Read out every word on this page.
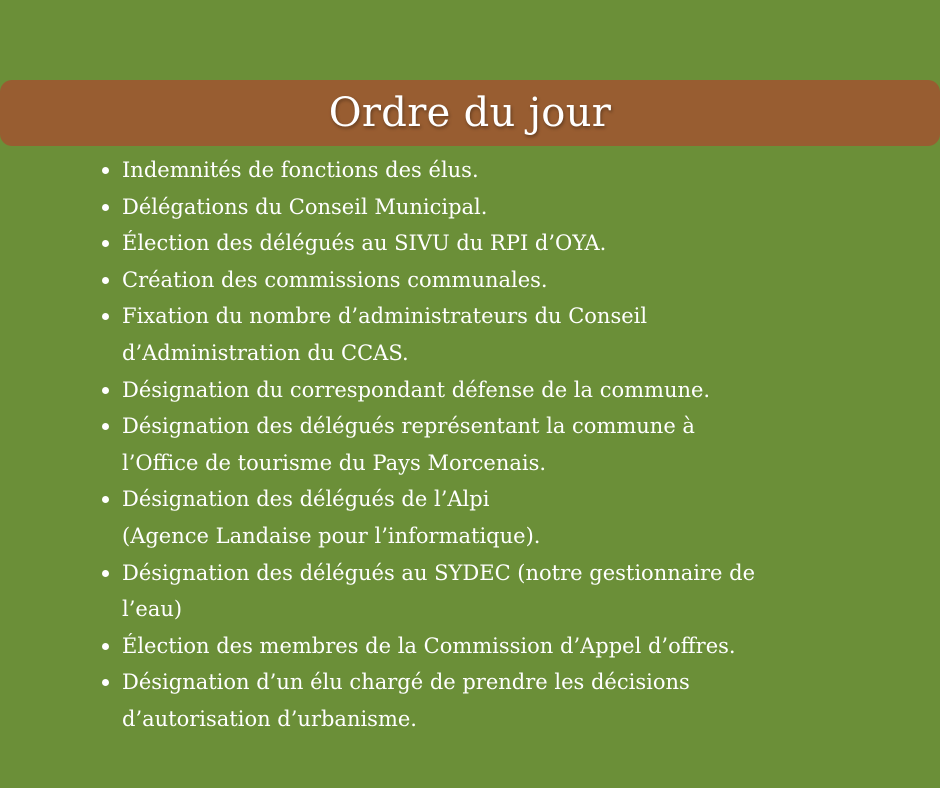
Ordre du jour
Indemnités de fonctions des élus.
Délégations du Conseil Municipal.
Élection des délégués au SIVU du RPI d’OYA.
Création des commissions communales.
Fixation du nombre d’administrateurs du Conseil
d’Administration du CCAS.
Désignation du correspondant défense de la commune.
Désignation des délégués représentant la commune à
l’Office de tourisme du Pays Morcenais.
Désignation des délégués de l’Alpi
(Agence Landaise pour l’informatique).
Désignation des délégués au SYDEC (notre gestionnaire de
l’eau)
Élection des membres de la Commission d’Appel d’offres.
Désignation d’un élu chargé de prendre les décisions
d’autorisation d’urbanisme.
